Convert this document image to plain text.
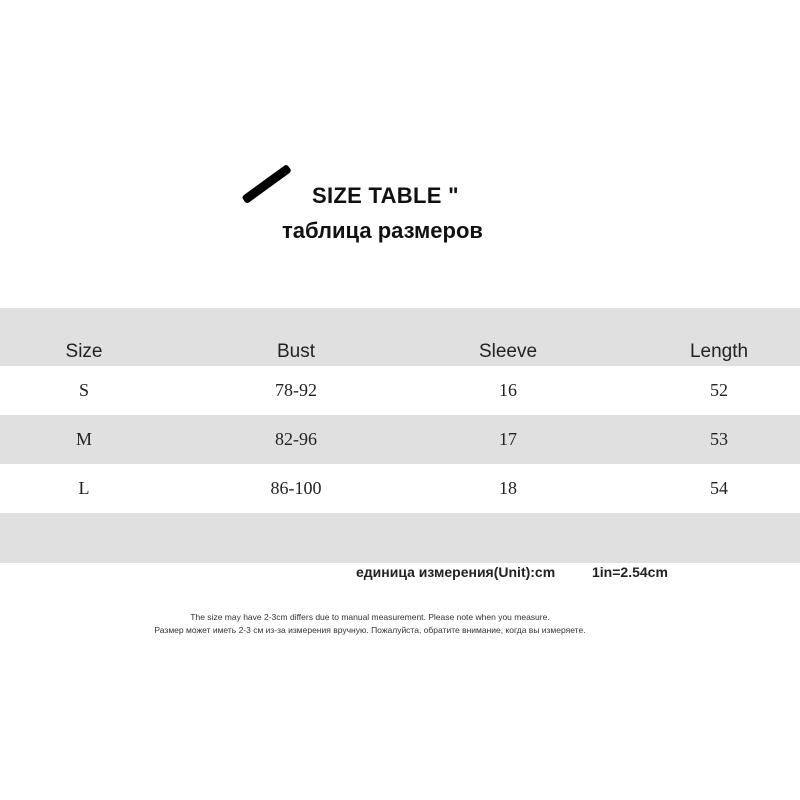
SIZE TABLE "
таблица размеров
Size	Bust	Sleeve	Length
S	78-92	16	52
M	82-96	17	53
L	86-100	18	54
единица измерения(Unit):cm	1in=2.54cm
The size may have 2-3cm differs due to manual measurement. Please note when you measure.
Размер может иметь 2-3 см из-за измерения вручную. Пожалуйста, обратите внимание, когда вы измеряете.
